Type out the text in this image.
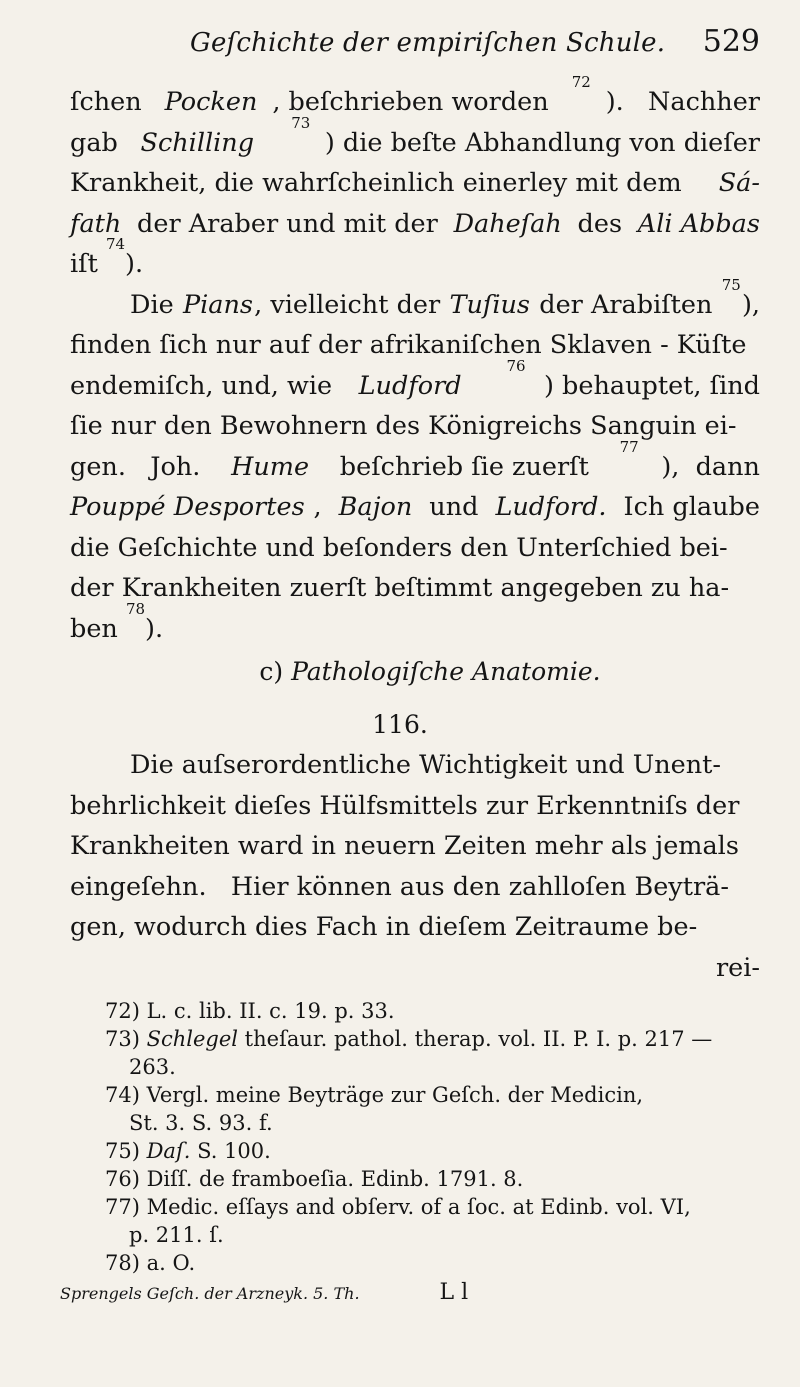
Geſchichte der empiriſchen Schule. 529
ſchen Pocken , beſchrieben worden
72
).   Nachher
gab Schilling

73
) die beſte Abhandlung von dieſer
Krankheit, die wahrſcheinlich einerley mit dem Sá-
fath der Araber und mit der Daheſah des Ali Abbas
iſt
74
).
Die Pians , vielleicht der Tuſius der Arabiſten
75
),
finden ſich nur auf der afrikaniſchen Sklaven - Küſte
endemiſch, und, wie Ludford

76
) behauptet, ſind
ſie nur den Bewohnern des Königreichs Sanguin ei-
gen.   Joh. Hume beſchrieb ſie zuerſt
77
),  dann
Pouppé Desportes , Bajon und Ludford. Ich glaube
die Geſchichte und beſonders den Unterſchied bei-
der Krankheiten zuerſt beſtimmt angegeben zu ha-
ben
78
).
c) Pathologiſche Anatomie.
116.
Die auſserordentliche Wichtigkeit und Unent-
behrlichkeit dieſes Hülfsmittels zur Erkenntniſs der
Krankheiten ward in neuern Zeiten mehr als jemals
eingeſehn.   Hier können aus den zahlloſen Beyträ-
gen, wodurch dies Fach in dieſem Zeitraume be-
rei-
72) L. c. lib. II. c. 19. p. 33.
73) Schlegel theſaur. pathol. therap. vol. II. P. I. p. 217 —
263.
74) Vergl. meine Beyträge zur Geſch. der Medicin,
St. 3. S. 93. f.
75) Daſ. S. 100.
76) Diſſ. de framboeſia. Edinb. 1791. 8.
77) Medic. eſſays and obſerv. of a ſoc. at Edinb. vol. VI,
p. 211. ſ.
78) a. O.
Sprengels Geſch. der Arzneyk. 5. Th.	L l
